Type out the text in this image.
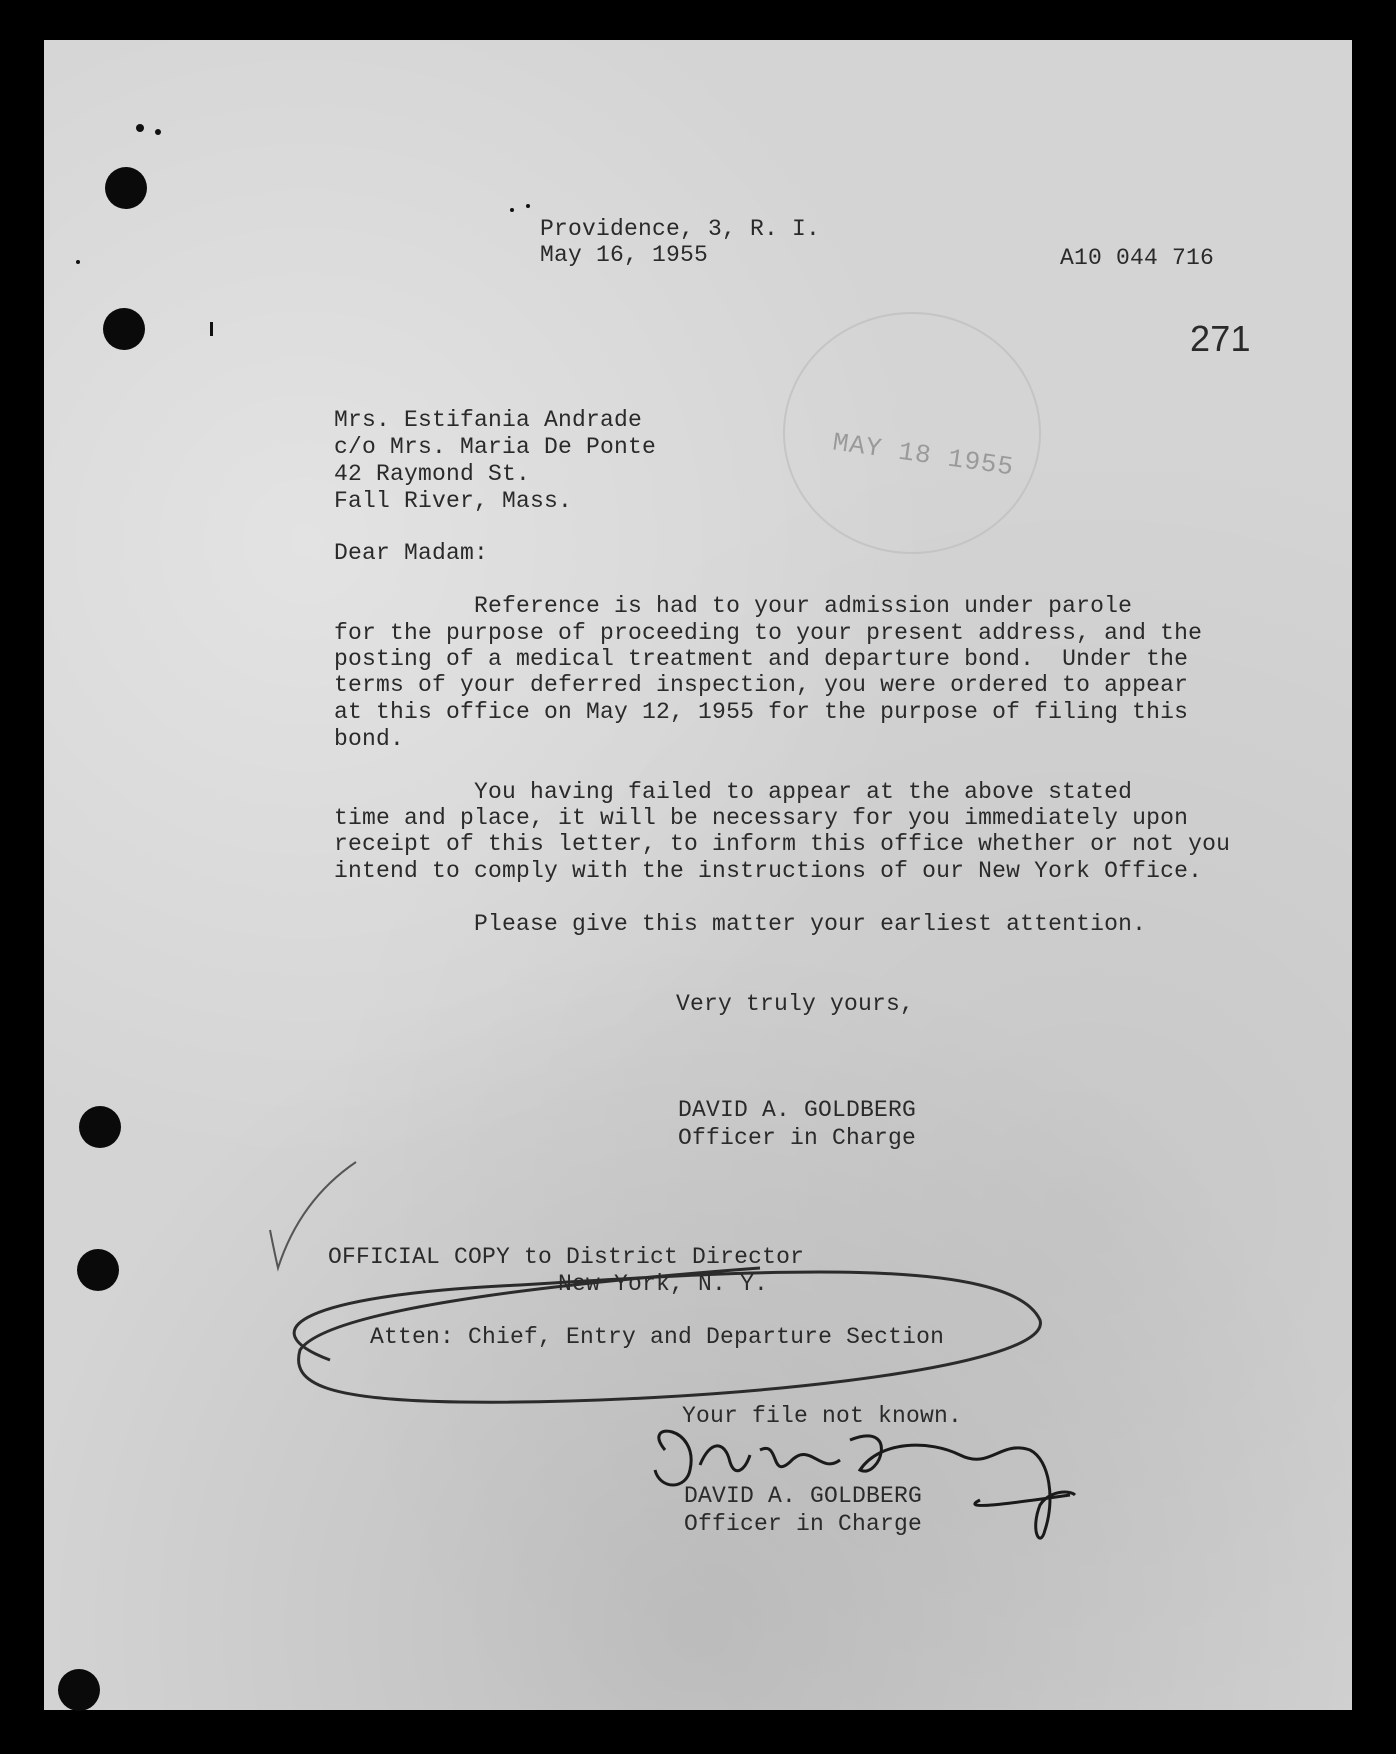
Providence, 3, R. I.
May 16, 1955	A10 044 716
271
MAY 18 1955
Mrs. Estifania Andrade
c/o Mrs. Maria De Ponte
42 Raymond St.
Fall River, Mass.
Dear Madam:
Reference is had to your admission under parole
for the purpose of proceeding to your present address, and the
posting of a medical treatment and departure bond.  Under the
terms of your deferred inspection, you were ordered to appear
at this office on May 12, 1955 for the purpose of filing this
bond.
You having failed to appear at the above stated
time and place, it will be necessary for you immediately upon
receipt of this letter, to inform this office whether or not you
intend to comply with the instructions of our New York Office.
Please give this matter your earliest attention.
Very truly yours,
DAVID A. GOLDBERG
Officer in Charge
OFFICIAL COPY to District Director
New York, N. Y.
Atten: Chief, Entry and Departure Section
Your file not known.
DAVID A. GOLDBERG
Officer in Charge
